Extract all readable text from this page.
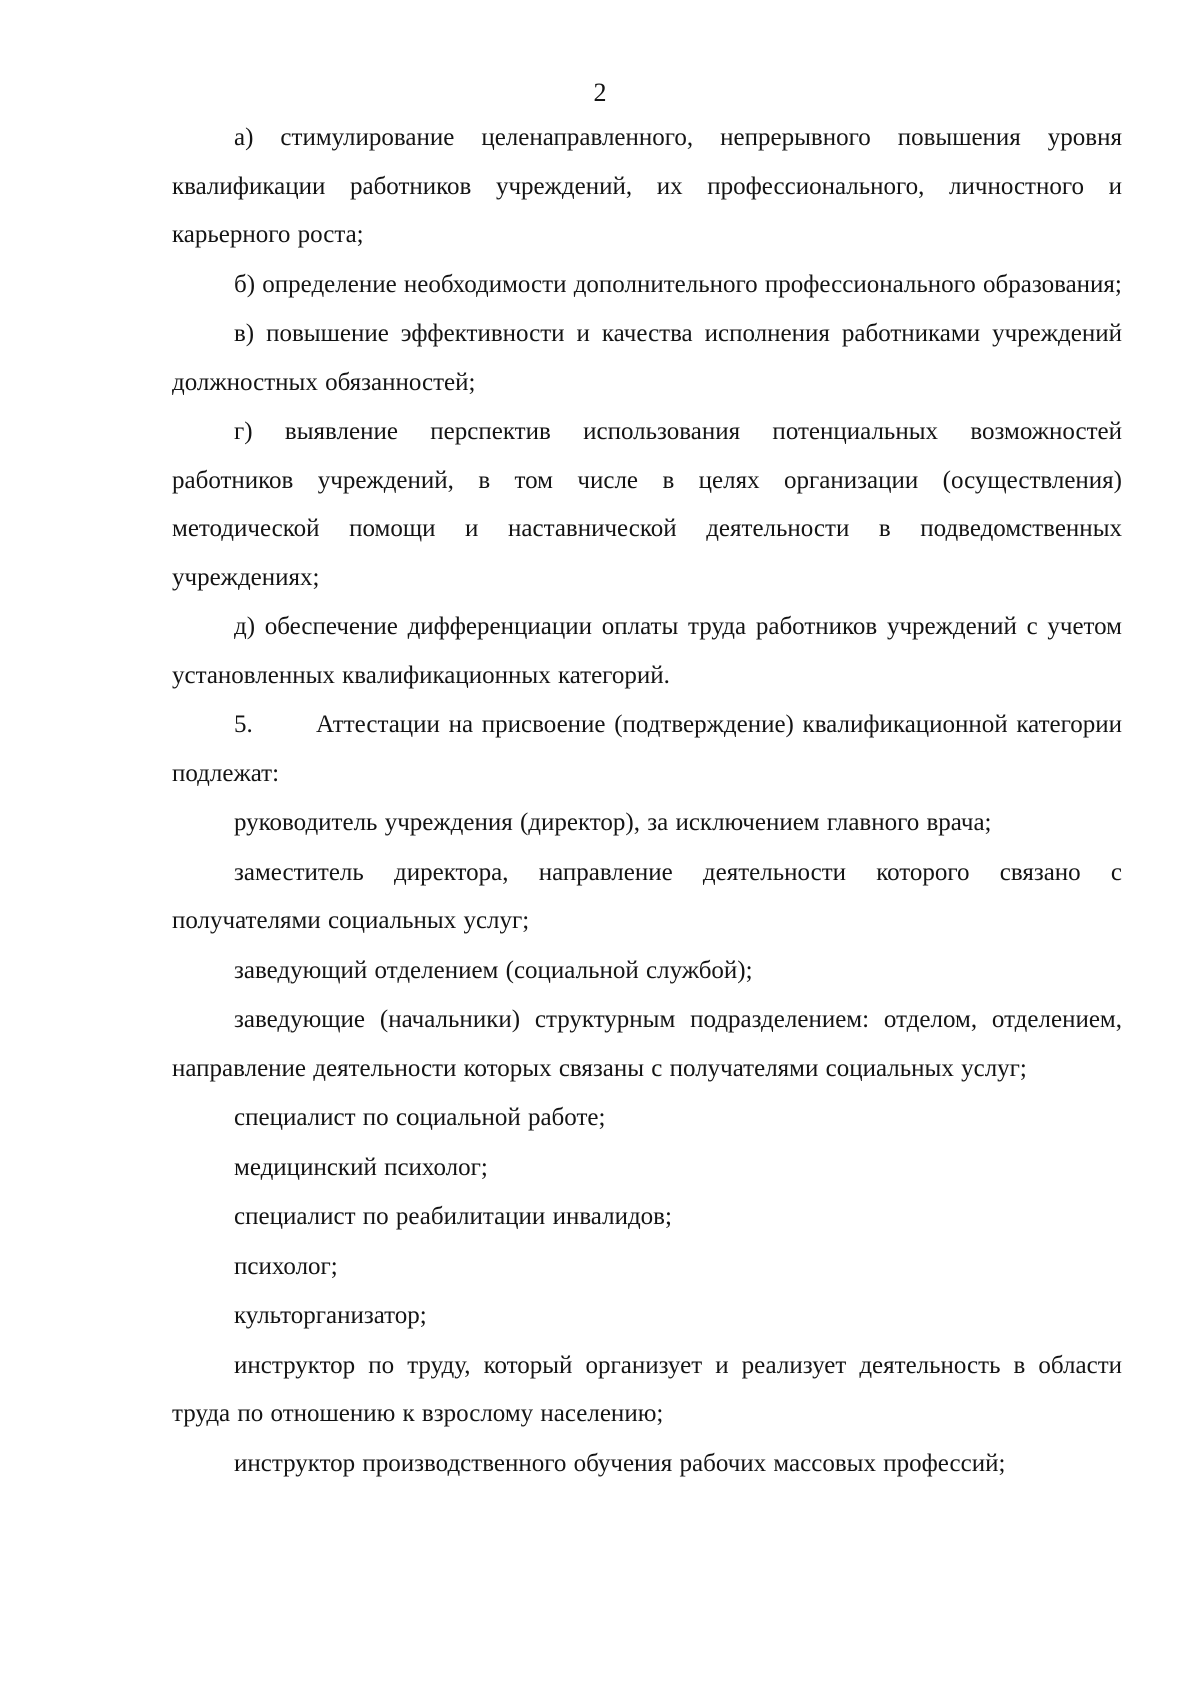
2

а) стимулирование целенаправленного, непрерывного повышения уровня квалификации работников учреждений, их профессионального, личностного и карьерного роста;

б) определение необходимости дополнительного профессионального образования;

в) повышение эффективности и качества исполнения работниками учреждений должностных обязанностей;

г) выявление перспектив использования потенциальных возможностей работников учреждений, в том числе в целях организации (осуществления) методической помощи и наставнической деятельности в подведомственных учреждениях;

д) обеспечение дифференциации оплаты труда работников учреждений с учетом установленных квалификационных категорий.

5.	Аттестации на присвоение (подтверждение) квалификационной категории подлежат:

руководитель учреждения (директор), за исключением главного врача;

заместитель директора, направление деятельности которого связано с получателями социальных услуг;

заведующий отделением (социальной службой);

заведующие (начальники) структурным подразделением: отделом, отделением, направление деятельности которых связаны с получателями социальных услуг;

специалист по социальной работе;

медицинский психолог;

специалист по реабилитации инвалидов;

психолог;

культорганизатор;

инструктор по труду, который организует и реализует деятельность в области труда по отношению к взрослому населению;

инструктор производственного обучения рабочих массовых профессий;
